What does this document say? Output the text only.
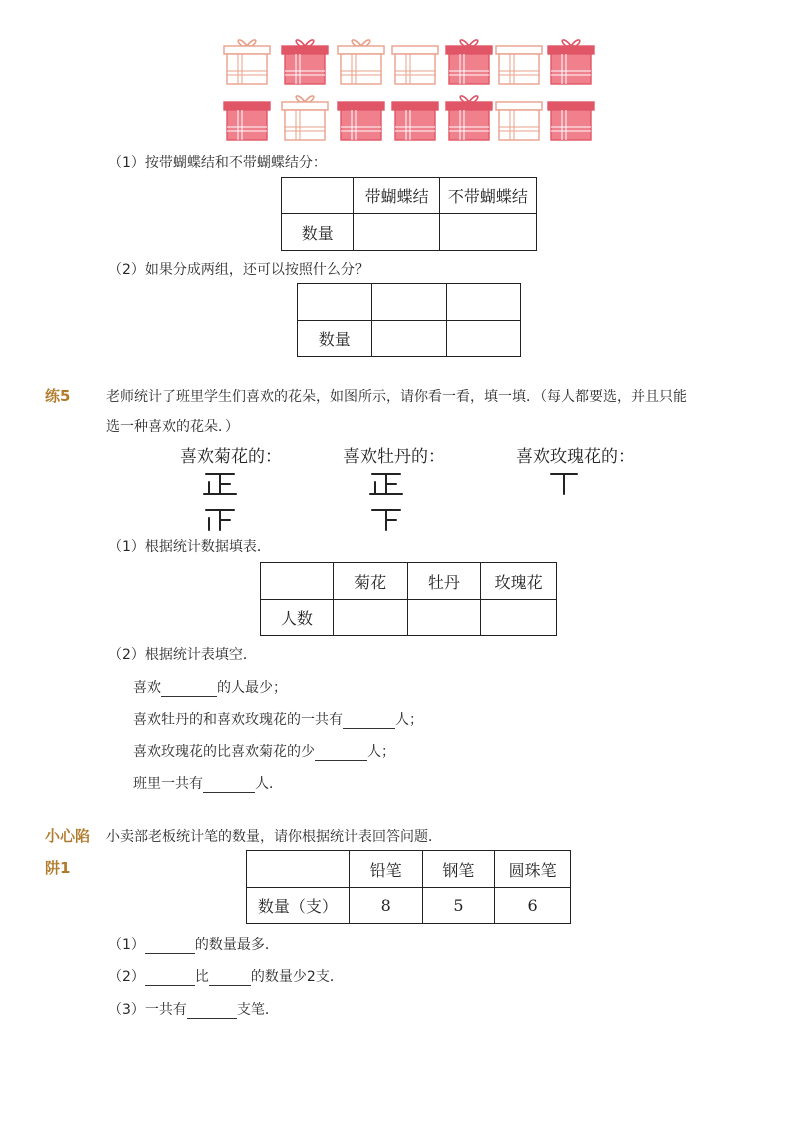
（1）按带蝴蝶结和不带蝴蝶结分：
	带蝴蝶结	不带蝴蝶结
数量		
（2）如果分成两组，还可以按照什么分？

数量		
练5	老师统计了班里学生们喜欢的花朵，如图所示，请你看一看，填一填．（每人都要选，并且只能
选一种喜欢的花朵．）
喜欢菊花的：	喜欢牡丹的：	喜欢玫瑰花的：
（1）根据统计数据填表．
	菊花	牡丹	玫瑰花
人数			
（2）根据统计表填空．
喜欢	的人最少；
喜欢牡丹的和喜欢玫瑰花的一共有	人；
喜欢玫瑰花的比喜欢菊花的少	人；
班里一共有	人．
小心陷
阱1
小卖部老板统计笔的数量，请你根据统计表回答问题．
	铅笔	钢笔	圆珠笔
数量（支）	8	5	6
（1）	的数量最多．
（2）	比	的数量少2支．
（3）一共有	支笔．
